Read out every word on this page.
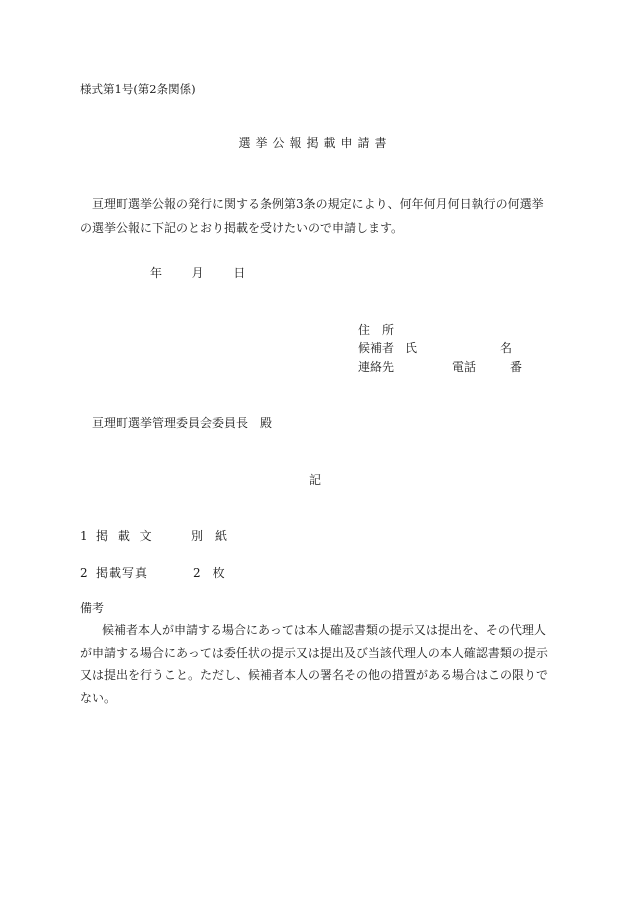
様式第1号(第2条関係)
選挙公報掲載申請書
亘理町選挙公報の発行に関する条例第3条の規定により、何年何月何日執行の何選挙の選挙公報に下記のとおり掲載を受けたいので申請します。
年 月 日
住　所
候補者 氏	名
連絡先	電話	番
亘理町選挙管理委員会委員長　殿
記
1 掲 載 文	別　紙
2 掲載写真	2　枚
備考
候補者本人が申請する場合にあっては本人確認書類の提示又は提出を、その代理人が申請する場合にあっては委任状の提示又は提出及び当該代理人の本人確認書類の提示又は提出を行うこと。ただし、候補者本人の署名その他の措置がある場合はこの限りでない。
